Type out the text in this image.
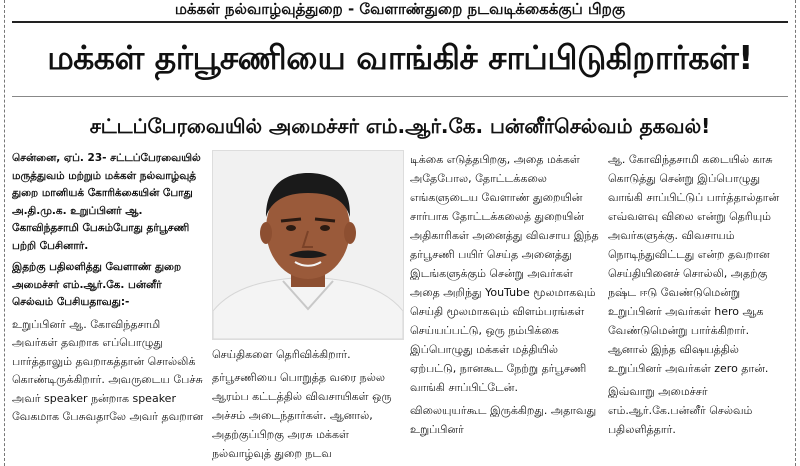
மக்கள் நல்வாழ்வுத்துறை - வேளாண்துறை நடவடிக்கைக்குப் பிறகு
மக்கள் தர்பூசணியை வாங்கிச் சாப்பிடுகிறார்கள்!
சட்டப்பேரவையில் அமைச்சர் எம்.ஆர்.கே. பன்னீர்செல்வம் தகவல்!

சென்னை, ஏப். 23- சட்டப்பேரவையில் மருத்துவம் மற்றும் மக்கள் நல்வாழ்வுத் துறை மானியக் கோரிக்கையின் போது அ.தி.மு.க. உறுப்பினர் ஆ. கோவிந்தசாமி பேசும்போது தர்பூசணி பற்றி பேசினார்.

இதற்கு பதிலளித்து வேளாண் துறை அமைச்சர் எம்.ஆர்.கே. பன்னீர் செல்வம் பேசியதாவது:-

உறுப்பினர் ஆ. கோவிந்தசாமி அவர்கள் தவறாக எப்பொழுது பார்த்தாலும் தவறாகத்தான் சொல்லிக் கொண்டிருக்கிறார். அவருடைய பேச்சு அவர் speaker நன்றாக speaker வேகமாக பேசுவதாலே அவர் தவறான

செய்திகளை தெரிவிக்கிறார்.

தர்பூசணியை பொறுத்த வரை நல்ல ஆரம்ப கட்டத்தில் விவசாயிகள் ஒரு அச்சம் அடைந்தார்கள். ஆனால், அதற்குப்பிறகு அரசு மக்கள் நல்வாழ்வுத் துறை நடவ

டிக்கை எடுத்தபிறகு, அதை மக்கள் அதேபோல, தோட்டக்கலை எங்களுடைய வேளாண் துறையின் சார்பாக தோட்டக்கலைத் துறையின் அதிகாரிகள் அனைத்து விவசாய இந்த தர்பூசணி பயிர் செய்த அனைத்து இடங்களுக்கும் சென்று அவர்கள் அதை அறிந்து YouTube மூலமாகவும் செய்தி மூலமாகவும் விளம்பரங்கள் செய்யப்பட்டு, ஒரு நம்பிக்கை இப்பொழுது மக்கள் மத்தியில் ஏற்பட்டு, நானகூட நேற்று தர்பூசணி வாங்கி சாப்பிட்டேன்.

விலையுயர்கூட இருக்கிறது. அதாவது உறுப்பினர்

ஆ. கோவிந்தசாமி கடையில் காசு கொடுத்து சென்று இப்பொழுது வாங்கி சாப்பிட்டுப் பார்த்தால்தான் எவ்வளவு விலை என்று தெரியும் அவர்களுக்கு. விவசாயம் நொடிந்துவிட்டது என்ற தவறான செய்தியினைச் சொல்லி, அதற்கு நஷ்ட ஈடு வேண்டுமென்று உறுப்பினர் அவர்கள் hero ஆக வேண்டுமென்று பார்க்கிறார். ஆனால் இந்த விஷயத்தில் உறுப்பினர் அவர்கள் zero தான்.

இவ்வாறு அமைச்சர் எம்.ஆர்.கே.பன்னீர் செல்வம் பதிலளித்தார்.
